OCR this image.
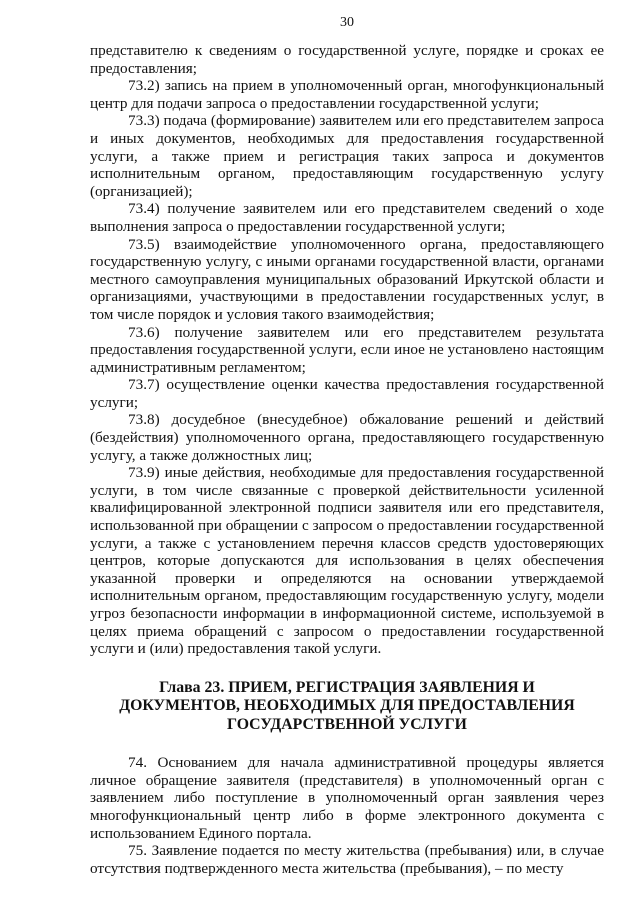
30

представителю к сведениям о государственной услуге, порядке и сроках ее предоставления;

73.2) запись на прием в уполномоченный орган, многофункциональный центр для подачи запроса о предоставлении государственной услуги;

73.3) подача (формирование) заявителем или его представителем запроса и иных документов, необходимых для предоставления государственной услуги, а также прием и регистрация таких запроса и документов исполнительным органом, предоставляющим государственную услугу (организацией);

73.4) получение заявителем или его представителем сведений о ходе выполнения запроса о предоставлении государственной услуги;

73.5) взаимодействие уполномоченного органа, предоставляющего государственную услугу, с иными органами государственной власти, органами местного самоуправления муниципальных образований Иркутской области и организациями, участвующими в предоставлении государственных услуг, в том числе порядок и условия такого взаимодействия;

73.6) получение заявителем или его представителем результата предоставления государственной услуги, если иное не установлено настоящим административным регламентом;

73.7) осуществление оценки качества предоставления государственной услуги;

73.8) досудебное (внесудебное) обжалование решений и действий (бездействия) уполномоченного органа, предоставляющего государственную услугу, а также должностных лиц;

73.9) иные действия, необходимые для предоставления государственной услуги, в том числе связанные с проверкой действительности усиленной квалифицированной электронной подписи заявителя или его представителя, использованной при обращении с запросом о предоставлении государственной услуги, а также с установлением перечня классов средств удостоверяющих центров, которые допускаются для использования в целях обеспечения указанной проверки и определяются на основании утверждаемой исполнительным органом, предоставляющим государственную услугу, модели угроз безопасности информации в информационной системе, используемой в целях приема обращений с запросом о предоставлении государственной услуги и (или) предоставления такой услуги.

Глава 23. ПРИЕМ, РЕГИСТРАЦИЯ ЗАЯВЛЕНИЯ И ДОКУМЕНТОВ, НЕОБХОДИМЫХ ДЛЯ ПРЕДОСТАВЛЕНИЯ ГОСУДАРСТВЕННОЙ УСЛУГИ

74. Основанием для начала административной процедуры является личное обращение заявителя (представителя) в уполномоченный орган с заявлением либо поступление в уполномоченный орган заявления через многофункциональный центр либо в форме электронного документа с использованием Единого портала.

75. Заявление подается по месту жительства (пребывания) или, в случае отсутствия подтвержденного места жительства (пребывания), – по месту
